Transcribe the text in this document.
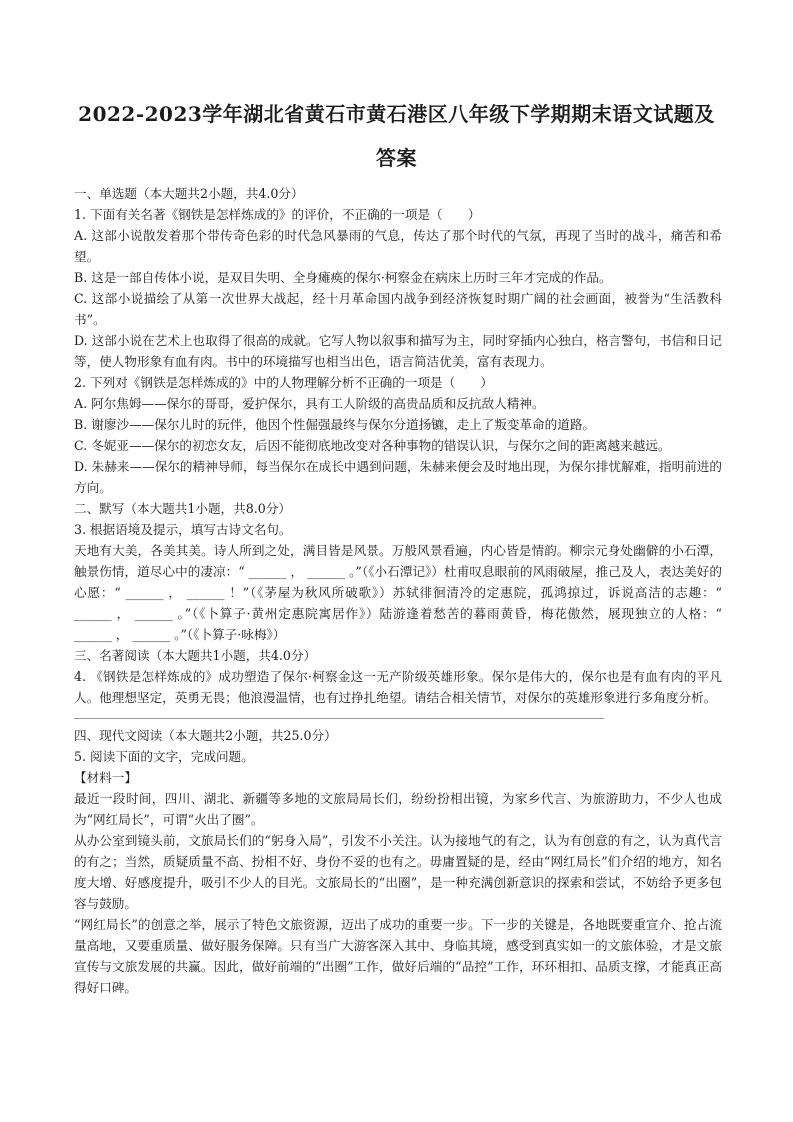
2022-2023学年湖北省黄石市黄石港区八年级下学期期末语文试题及
答案

一、单选题（本大题共2小题，共4.0分）

1. 下面有关名著《钢铁是怎样炼成的》的评价，不正确的一项是（　　）

A. 这部小说散发着那个带传奇色彩的时代急风暴雨的气息，传达了那个时代的气氛，再现了当时的战斗，痛苦和希望。

B. 这是一部自传体小说，是双目失明、全身瘫痪的保尔·柯察金在病床上历时三年才完成的作品。

C. 这部小说描绘了从第一次世界大战起，经十月革命国内战争到经济恢复时期广阔的社会画面，被誉为“生活教科书”。

D. 这部小说在艺术上也取得了很高的成就。它写人物以叙事和描写为主，同时穿插内心独白，格言警句，书信和日记等，使人物形象有血有肉。书中的环境描写也相当出色，语言简洁优美，富有表现力。

2. 下列对《钢铁是怎样炼成的》中的人物理解分析不正确的一项是（　　）

A. 阿尔焦姆——保尔的哥哥，爱护保尔，具有工人阶级的高贵品质和反抗敌人精神。

B. 谢廖沙——保尔儿时的玩伴，他因个性倔强最终与保尔分道扬镳，走上了叛变革命的道路。

C. 冬妮亚——保尔的初恋女友，后因不能彻底地改变对各种事物的错误认识，与保尔之间的距离越来越远。

D. 朱赫来——保尔的精神导师，每当保尔在成长中遇到问题，朱赫来便会及时地出现，为保尔排忧解难，指明前进的方向。

二、默写（本大题共1小题，共8.0分）

3. 根据语境及提示，填写古诗文名句。

天地有大美，各美其美。诗人所到之处，满目皆是风景。万般风景看遍，内心皆是情韵。柳宗元身处幽僻的小石潭，触景伤情，道尽心中的凄凉：“ ______ ， ______ 。”（《小石潭记》）杜甫叹息眼前的风雨破屋，推己及人，表达美好的心愿：“ ______ ， ______ ！”（《茅屋为秋风所破歌》）苏轼徘徊清冷的定惠院，孤鸿掠过，诉说高洁的志趣：“ ______ ， ______ 。”（《卜算子·黄州定惠院寓居作》）陆游逢着愁苦的暮雨黄昏，梅花傲然，展现独立的人格：“ ______ ， ______ 。”（《卜算子·咏梅》）

三、名著阅读（本大题共1小题，共4.0分）

4. 《钢铁是怎样炼成的》成功塑造了保尔·柯察金这一无产阶级英雄形象。保尔是伟大的，保尔也是有血有肉的平凡人。他理想坚定，英勇无畏；他浪漫温情，也有过挣扎绝望。请结合相关情节，对保尔的英雄形象进行多角度分析。

四、现代文阅读（本大题共2小题，共25.0分）

5. 阅读下面的文字，完成问题。

【材料一】

最近一段时间，四川、湖北、新疆等多地的文旅局局长们，纷纷扮相出镜，为家乡代言、为旅游助力，不少人也成为“网红局长”，可谓“火出了圈”。

从办公室到镜头前，文旅局长们的“躬身入局”，引发不小关注。认为接地气的有之，认为有创意的有之，认为真代言的有之；当然，质疑质量不高、扮相不好、身份不妥的也有之。毋庸置疑的是，经由“网红局长”们介绍的地方，知名度大增、好感度提升，吸引不少人的目光。文旅局长的“出圈”，是一种充满创新意识的探索和尝试，不妨给予更多包容与鼓励。

“网红局长”的创意之举，展示了特色文旅资源，迈出了成功的重要一步。下一步的关键是，各地既要重宣介、抢占流量高地，又要重质量、做好服务保障。只有当广大游客深入其中、身临其境，感受到真实如一的文旅体验，才是文旅宣传与文旅发展的共赢。因此，做好前端的“出圈”工作，做好后端的“品控”工作，环环相扣、品质支撑，才能真正高得好口碑。
